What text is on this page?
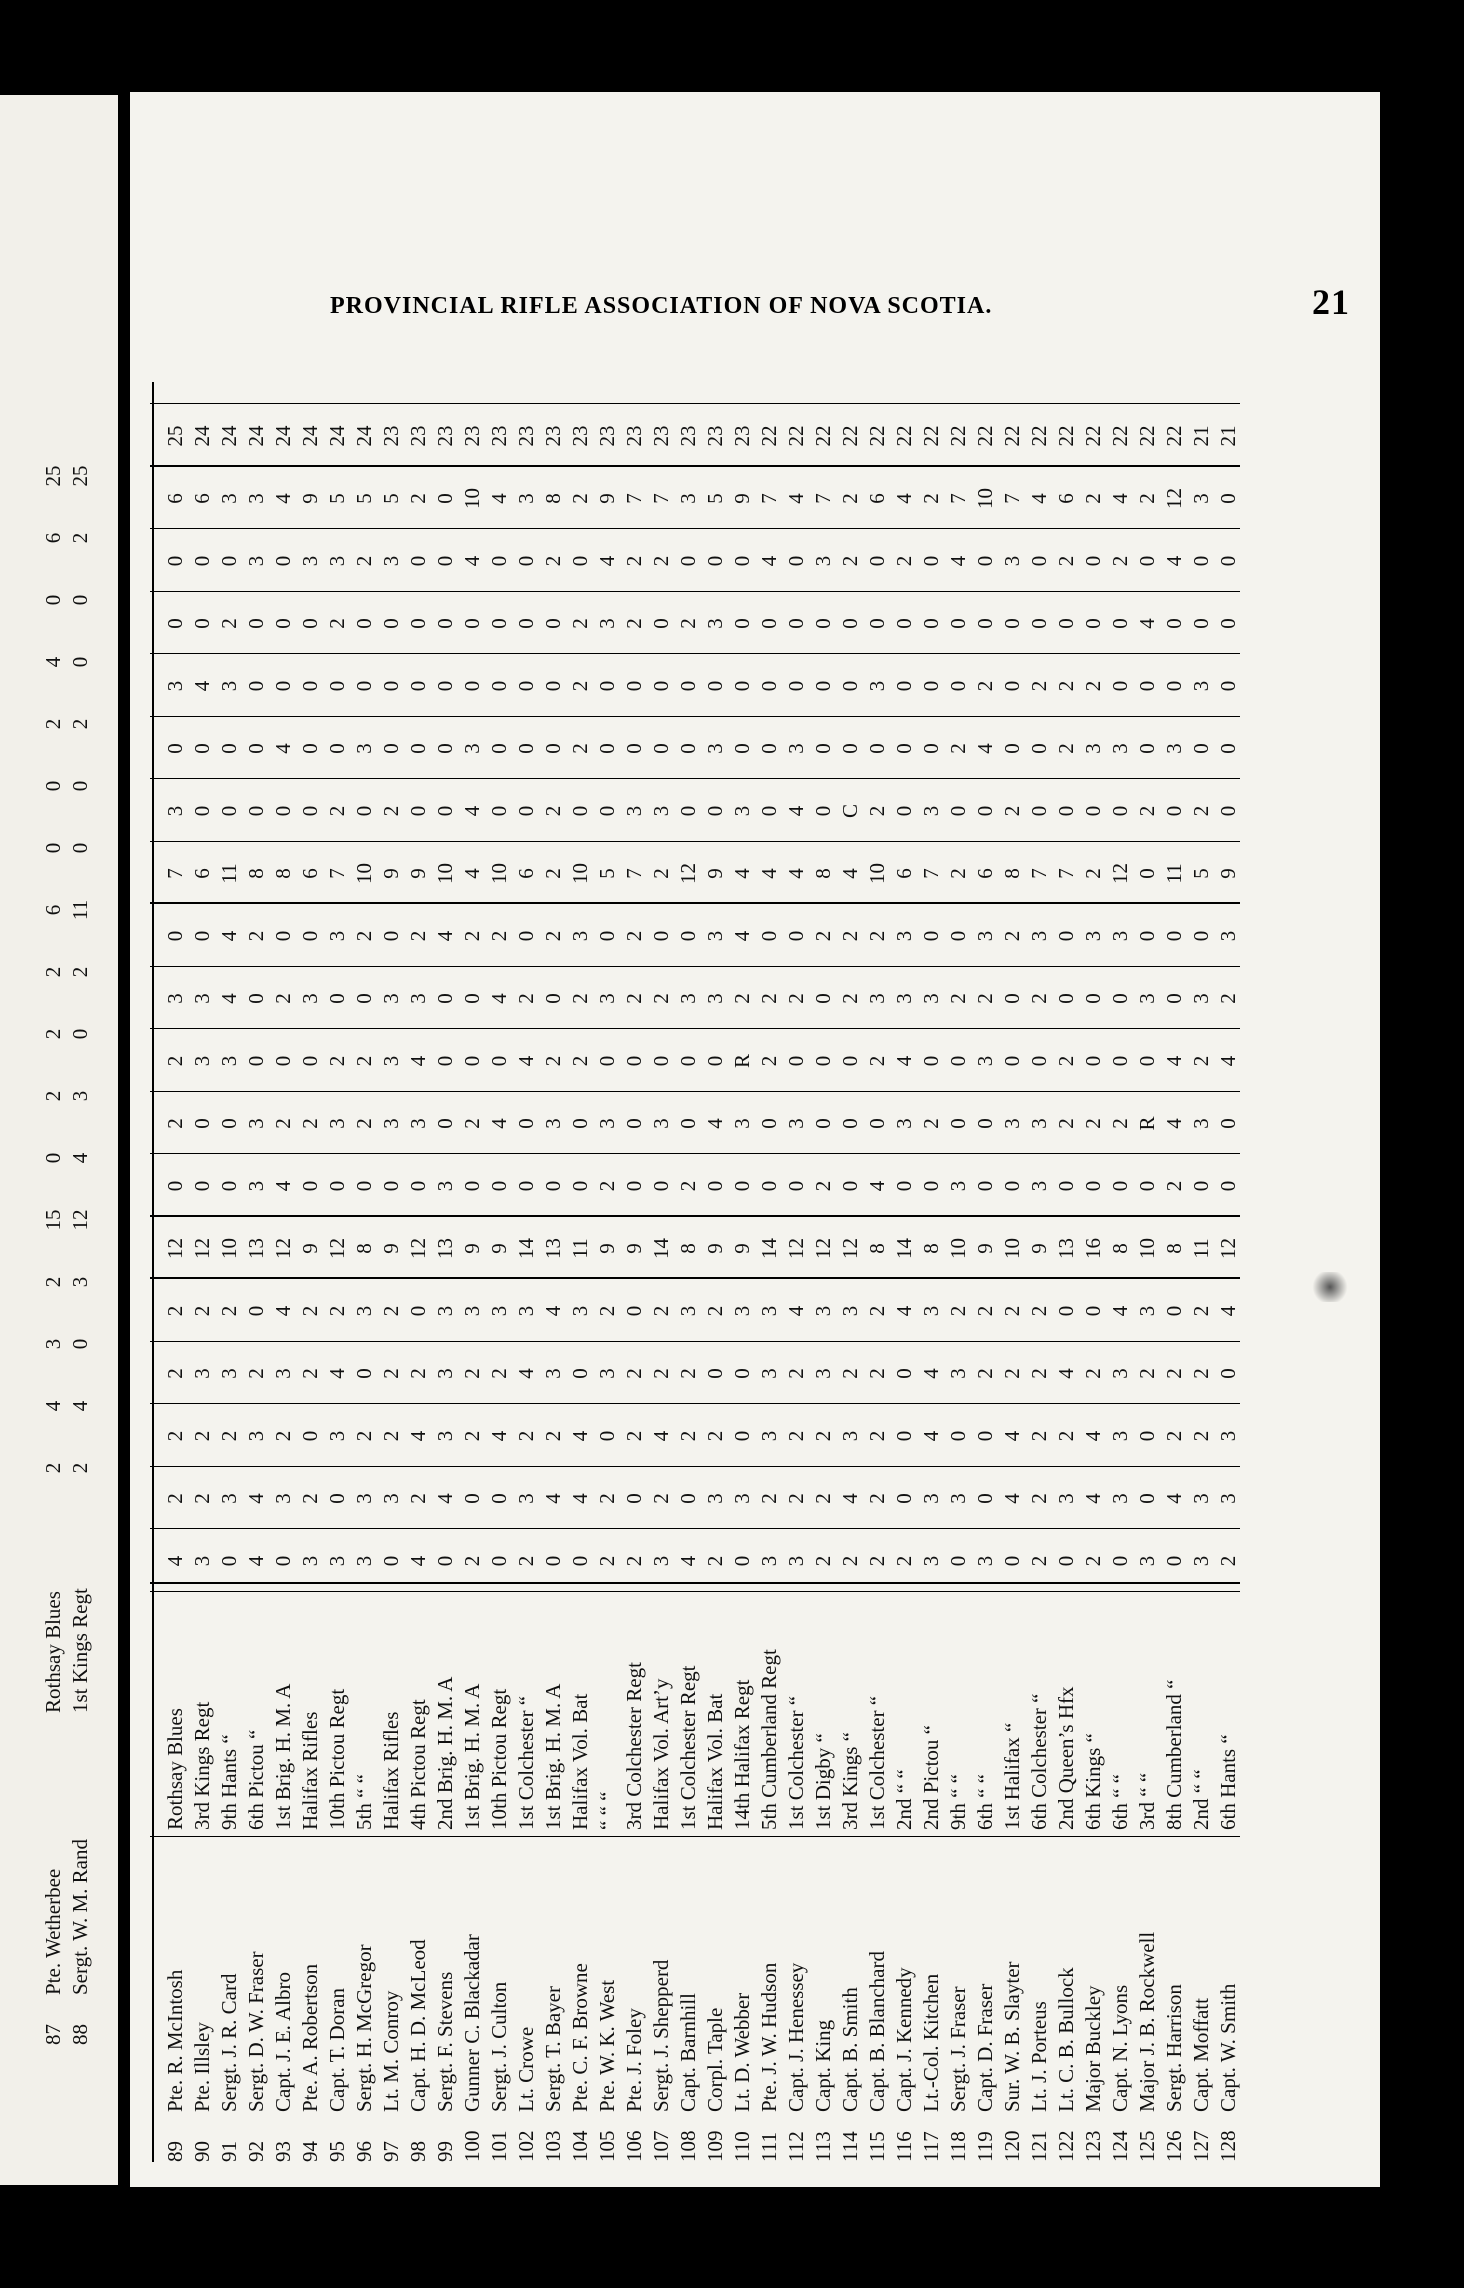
87
Pte. Wetherbee
Rothsay Blues
2
4
3
2
15
0
2
2
2
6
0
0
2
4
0
6
25
88
Sergt. W. M. Rand
1st Kings Regt
2
4
0
3
12
4
3
0
2
11
0
0
2
0
0
2
25
PROVINCIAL RIFLE ASSOCIATION OF NOVA SCOTIA.	21
89
Pte. R. McIntosh
Rothsay Blues
4
2
2
2
2
12
0
2
2
3
0
7
3
0
3
0
0
6
25
90
Pte. Illsley
3rd Kings Regt
3
2
2
3
2
12
0
0
3
3
0
6
0
0
4
0
0
6
24
91
Sergt. J. R. Card
9th Hants “
0
3
2
3
2
10
0
0
3
4
4
11
0
0
3
2
0
3
24
92
Sergt. D. W. Fraser
6th Pictou “
4
4
3
2
0
13
3
3
0
0
2
8
0
0
0
0
3
3
24
93
Capt. J. E. Albro
1st Brig. H. M. A
0
3
2
3
4
12
4
2
0
2
0
8
0
4
0
0
0
4
24
94
Pte. A. Robertson
Halifax Rifles
3
2
0
2
2
9
0
2
0
3
0
6
0
0
0
0
3
9
24
95
Capt. T. Doran
10th Pictou Regt
3
0
3
4
2
12
0
3
2
0
3
7
2
0
0
2
3
5
24
96
Sergt. H. McGregor
5th “ “
3
3
2
0
3
8
0
2
2
0
2
10
0
3
0
0
2
5
24
97
Lt. M. Conroy
Halifax Rifles
0
3
2
2
2
9
0
3
3
3
0
9
2
0
0
0
3
5
23
98
Capt. H. D. McLeod
4th Pictou Regt
4
2
4
2
0
12
0
3
4
3
2
9
0
0
0
0
0
2
23
99
Sergt. F. Stevens
2nd Brig. H. M. A
0
4
3
3
3
13
3
0
0
0
4
10
0
0
0
0
0
0
23
100
Gunner C. Blackadar
1st Brig. H. M. A
2
0
2
2
3
9
0
2
0
0
2
4
4
3
0
0
4
10
23
101
Sergt. J. Culton
10th Pictou Regt
0
0
4
2
3
9
0
4
0
4
2
10
0
0
0
0
0
4
23
102
Lt. Crowe
1st Colchester “
2
3
2
4
3
14
0
0
4
2
0
6
0
0
0
0
0
3
23
103
Sergt. T. Bayer
1st Brig. H. M. A
0
4
2
3
4
13
0
3
2
0
2
2
2
0
0
0
2
8
23
104
Pte. C. F. Browne
Halifax Vol. Bat
0
4
4
0
3
11
0
0
2
2
3
10
0
2
2
2
0
2
23
105
Pte. W. K. West
“ “ “
2
2
0
3
2
9
2
3
0
3
0
5
0
0
0
3
4
9
23
106
Pte. J. Foley
3rd Colchester Regt
2
0
2
2
0
9
0
0
0
2
2
7
3
0
0
2
2
7
23
107
Sergt. J. Shepperd
Halifax Vol. Art’y
3
2
4
2
2
14
0
3
0
2
0
2
3
0
0
0
2
7
23
108
Capt. Barnhill
1st Colchester Regt
4
0
2
2
3
8
2
0
0
3
0
12
0
0
0
2
0
3
23
109
Corpl. Taple
Halifax Vol. Bat
2
3
2
0
2
9
0
4
0
3
3
9
0
3
0
3
0
5
23
110
Lt. D. Webber
14th Halifax Regt
0
3
0
0
3
9
0
3
R
2
4
4
3
0
0
0
0
9
23
111
Pte. J. W. Hudson
5th Cumberland Regt
3
2
3
3
3
14
0
0
2
2
0
4
0
0
0
0
4
7
22
112
Capt. J. Henessey
1st Colchester “
3
2
2
2
4
12
0
3
0
2
0
4
4
3
0
0
0
4
22
113
Capt. King
1st Digby “
2
2
2
3
3
12
2
0
0
0
2
8
0
0
0
0
3
7
22
114
Capt. B. Smith
3rd Kings “
2
4
3
2
3
12
0
0
0
2
2
4
C
0
0
0
2
2
22
115
Capt. B. Blanchard
1st Colchester “
2
2
2
2
2
8
4
0
2
3
2
10
2
0
3
0
0
6
22
116
Capt. J. Kennedy
2nd “ “
2
0
0
0
4
14
0
3
4
3
3
6
0
0
0
0
2
4
22
117
Lt.-Col. Kitchen
2nd Pictou “
3
3
4
4
3
8
0
2
0
3
0
7
3
0
0
0
0
2
22
118
Sergt. J. Fraser
9th “ “
0
3
0
3
2
10
3
0
0
2
0
2
0
2
0
0
4
7
22
119
Capt. D. Fraser
6th “ “
3
0
0
2
2
9
0
0
3
2
3
6
0
4
2
0
0
10
22
120
Sur. W. B. Slayter
1st Halifax “
0
4
4
2
2
10
0
3
0
0
2
8
2
0
0
0
3
7
22
121
Lt. J. Porteus
6th Colchester “
2
2
2
2
2
9
3
3
0
2
3
7
0
0
2
0
0
4
22
122
Lt. C. B. Bullock
2nd Queen’s Hfx
0
3
2
4
0
13
0
2
2
0
0
7
0
2
2
0
2
6
22
123
Major Buckley
6th Kings “
2
4
4
2
0
16
0
2
0
0
3
2
0
3
2
0
0
2
22
124
Capt. N. Lyons
6th “ “
0
3
3
3
4
8
0
2
0
0
3
12
0
3
0
0
2
4
22
125
Major J. B. Rockwell
3rd “ “
3
0
0
2
3
10
0
R
0
3
0
0
2
0
0
4
0
2
22
126
Sergt. Harrison
8th Cumberland “
0
4
2
2
0
8
2
4
4
0
0
11
0
3
0
0
4
12
22
127
Capt. Moffatt
2nd “ “
3
3
2
2
2
11
0
3
2
3
0
5
2
0
3
0
0
3
21
128
Capt. W. Smith
6th Hants “
2
3
3
0
4
12
0
0
4
2
3
9
0
0
0
0
0
0
21
